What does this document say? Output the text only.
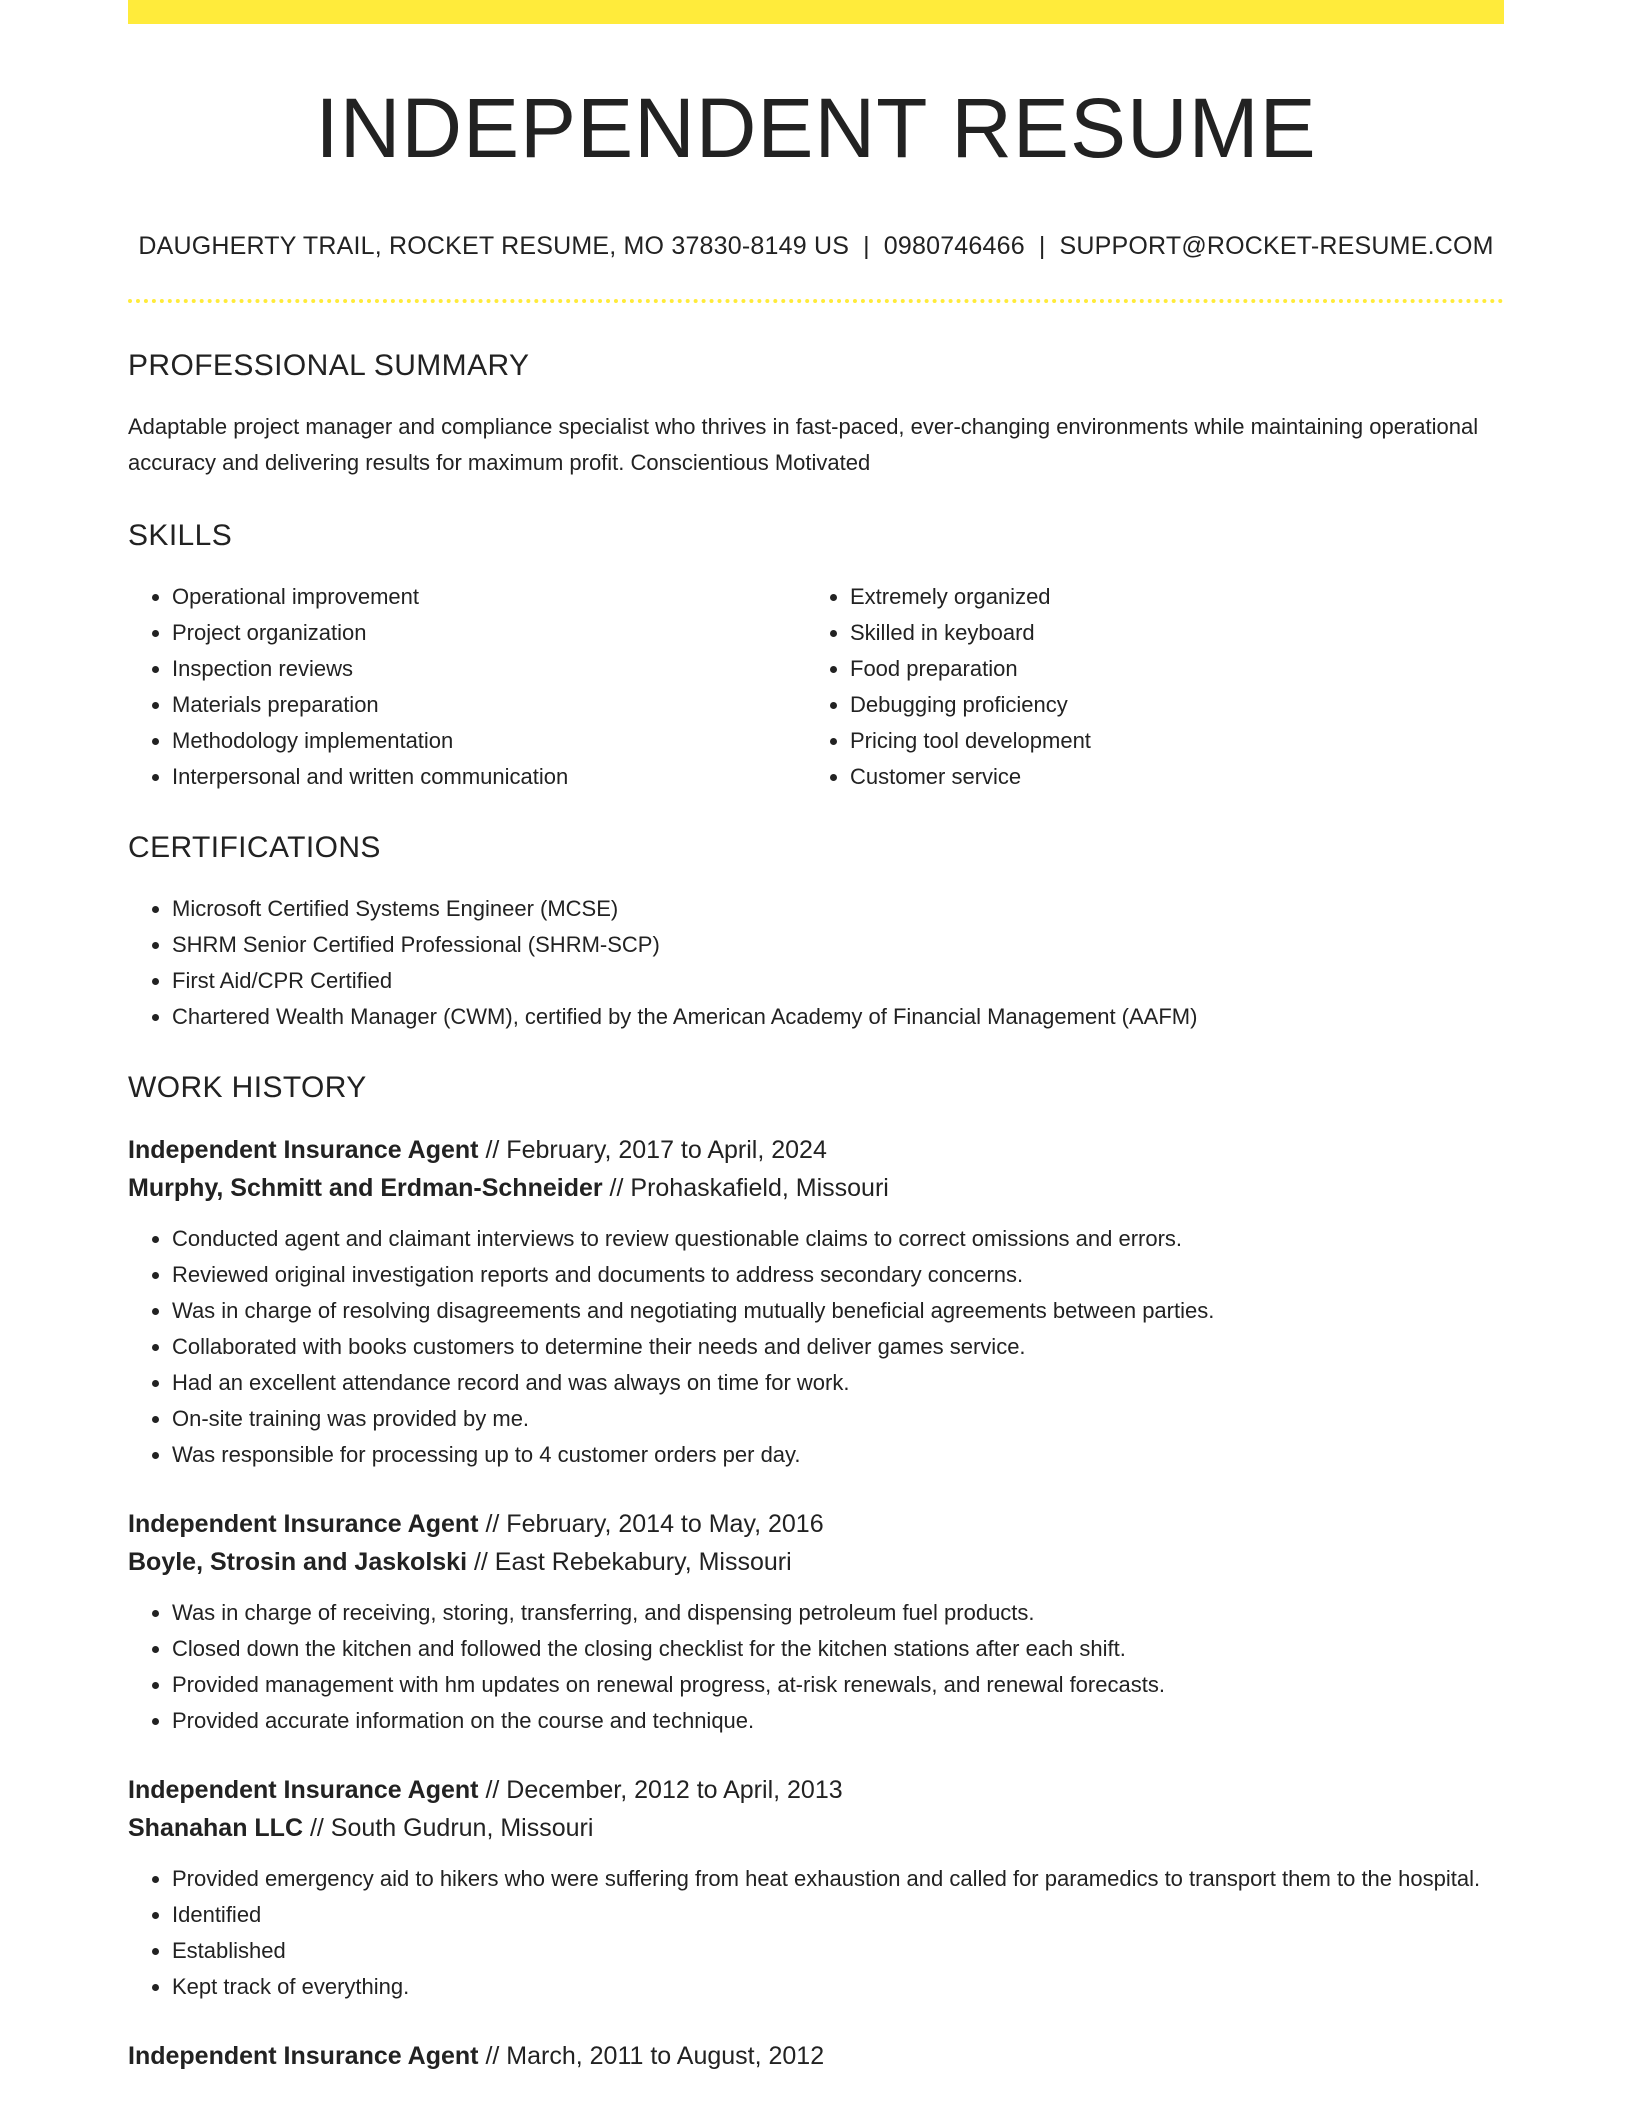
INDEPENDENT RESUME
DAUGHERTY TRAIL, ROCKET RESUME, MO 37830-8149 US | 0980746466 | SUPPORT@ROCKET-RESUME.COM
PROFESSIONAL SUMMARY
Adaptable project manager and compliance specialist who thrives in fast-paced, ever-changing environments while maintaining operational accuracy and delivering results for maximum profit. Conscientious Motivated
SKILLS
• Operational improvement
• Project organization
• Inspection reviews
• Materials preparation
• Methodology implementation
• Interpersonal and written communication
• Extremely organized
• Skilled in keyboard
• Food preparation
• Debugging proficiency
• Pricing tool development
• Customer service
CERTIFICATIONS
• Microsoft Certified Systems Engineer (MCSE)
• SHRM Senior Certified Professional (SHRM-SCP)
• First Aid/CPR Certified
• Chartered Wealth Manager (CWM), certified by the American Academy of Financial Management (AAFM)
WORK HISTORY
Independent Insurance Agent // February, 2017 to April, 2024
Murphy, Schmitt and Erdman-Schneider // Prohaskafield, Missouri
• Conducted agent and claimant interviews to review questionable claims to correct omissions and errors.
• Reviewed original investigation reports and documents to address secondary concerns.
• Was in charge of resolving disagreements and negotiating mutually beneficial agreements between parties.
• Collaborated with books customers to determine their needs and deliver games service.
• Had an excellent attendance record and was always on time for work.
• On-site training was provided by me.
• Was responsible for processing up to 4 customer orders per day.
Independent Insurance Agent // February, 2014 to May, 2016
Boyle, Strosin and Jaskolski // East Rebekabury, Missouri
• Was in charge of receiving, storing, transferring, and dispensing petroleum fuel products.
• Closed down the kitchen and followed the closing checklist for the kitchen stations after each shift.
• Provided management with hm updates on renewal progress, at-risk renewals, and renewal forecasts.
• Provided accurate information on the course and technique.
Independent Insurance Agent // December, 2012 to April, 2013
Shanahan LLC // South Gudrun, Missouri
• Provided emergency aid to hikers who were suffering from heat exhaustion and called for paramedics to transport them to the hospital.
• Identified
• Established
• Kept track of everything.
Independent Insurance Agent // March, 2011 to August, 2012
